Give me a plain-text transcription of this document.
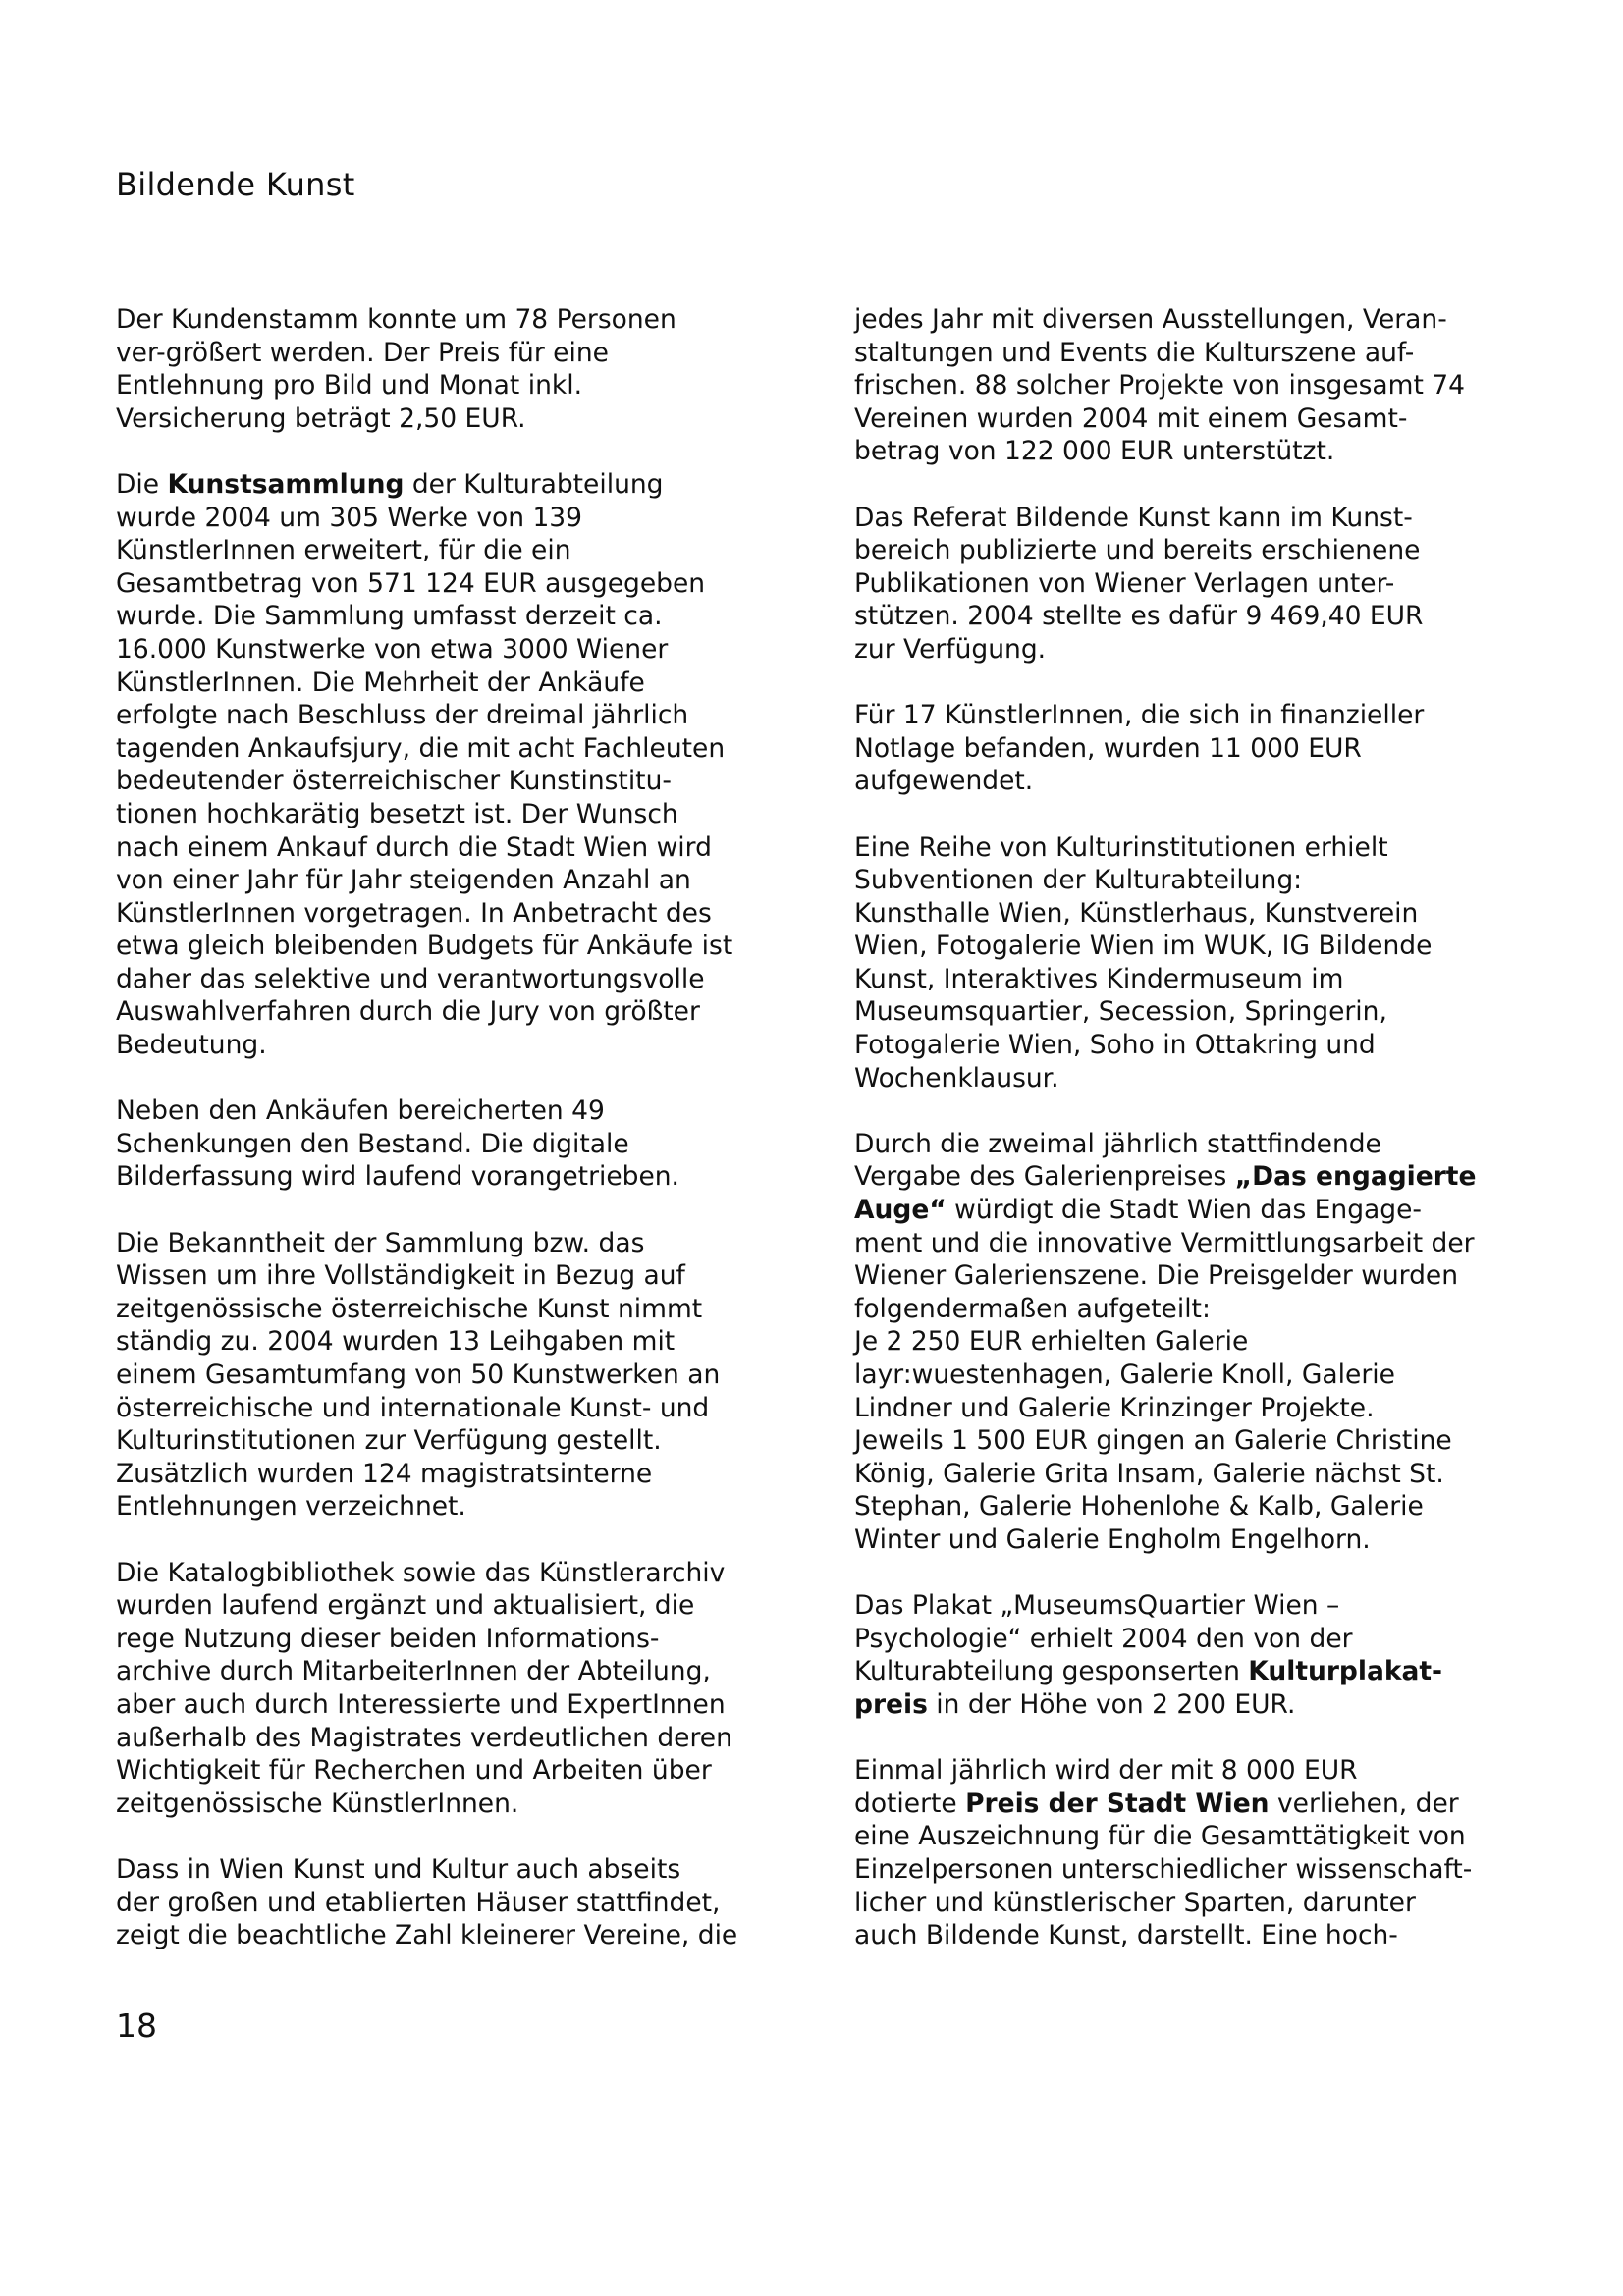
Bildende Kunst
Der Kundenstamm konnte um 78 Personen
ver-größert werden. Der Preis für eine
Entlehnung pro Bild und Monat inkl.
Versicherung beträgt 2,50 EUR.
Die Kunstsammlung der Kulturabteilung
wurde 2004 um 305 Werke von 139
KünstlerInnen erweitert, für die ein
Gesamtbetrag von 571 124 EUR ausgegeben
wurde. Die Sammlung umfasst derzeit ca.
16.000 Kunstwerke von etwa 3000 Wiener
KünstlerInnen. Die Mehrheit der Ankäufe
erfolgte nach Beschluss der dreimal jährlich
tagenden Ankaufsjury, die mit acht Fachleuten
bedeutender österreichischer Kunstinstitu-
tionen hochkarätig besetzt ist. Der Wunsch
nach einem Ankauf durch die Stadt Wien wird
von einer Jahr für Jahr steigenden Anzahl an
KünstlerInnen vorgetragen. In Anbetracht des
etwa gleich bleibenden Budgets für Ankäufe ist
daher das selektive und verantwortungsvolle
Auswahlverfahren durch die Jury von größter
Bedeutung.
Neben den Ankäufen bereicherten 49
Schenkungen den Bestand. Die digitale
Bilderfassung wird laufend vorangetrieben.
Die Bekanntheit der Sammlung bzw. das
Wissen um ihre Vollständigkeit in Bezug auf
zeitgenössische österreichische Kunst nimmt
ständig zu. 2004 wurden 13 Leihgaben mit
einem Gesamtumfang von 50 Kunstwerken an
österreichische und internationale Kunst- und
Kulturinstitutionen zur Verfügung gestellt.
Zusätzlich wurden 124 magistratsinterne
Entlehnungen verzeichnet.
Die Katalogbibliothek sowie das Künstlerarchiv
wurden laufend ergänzt und aktualisiert, die
rege Nutzung dieser beiden Informations-
archive durch MitarbeiterInnen der Abteilung,
aber auch durch Interessierte und ExpertInnen
außerhalb des Magistrates verdeutlichen deren
Wichtigkeit für Recherchen und Arbeiten über
zeitgenössische KünstlerInnen.
Dass in Wien Kunst und Kultur auch abseits
der großen und etablierten Häuser stattfindet,
zeigt die beachtliche Zahl kleinerer Vereine, die
jedes Jahr mit diversen Ausstellungen, Veran-
staltungen und Events die Kulturszene auf-
frischen. 88 solcher Projekte von insgesamt 74
Vereinen wurden 2004 mit einem Gesamt-
betrag von 122 000 EUR unterstützt.
Das Referat Bildende Kunst kann im Kunst-
bereich publizierte und bereits erschienene
Publikationen von Wiener Verlagen unter-
stützen. 2004 stellte es dafür 9 469,40 EUR
zur Verfügung.
Für 17 KünstlerInnen, die sich in finanzieller
Notlage befanden, wurden 11 000 EUR
aufgewendet.
Eine Reihe von Kulturinstitutionen erhielt
Subventionen der Kulturabteilung:
Kunsthalle Wien, Künstlerhaus, Kunstverein
Wien, Fotogalerie Wien im WUK, IG Bildende
Kunst, Interaktives Kindermuseum im
Museumsquartier, Secession, Springerin,
Fotogalerie Wien, Soho in Ottakring und
Wochenklausur.
Durch die zweimal jährlich stattfindende
Vergabe des Galerienpreises „Das engagierte
Auge“ würdigt die Stadt Wien das Engage-
ment und die innovative Vermittlungsarbeit der
Wiener Galerienszene. Die Preisgelder wurden
folgendermaßen aufgeteilt:
Je 2 250 EUR erhielten Galerie
layr:wuestenhagen, Galerie Knoll, Galerie
Lindner und Galerie Krinzinger Projekte.
Jeweils 1 500 EUR gingen an Galerie Christine
König, Galerie Grita Insam, Galerie nächst St.
Stephan, Galerie Hohenlohe & Kalb, Galerie
Winter und Galerie Engholm Engelhorn.
Das Plakat „MuseumsQuartier Wien –
Psychologie“ erhielt 2004 den von der
Kulturabteilung gesponserten Kulturplakat-
preis in der Höhe von 2 200 EUR.
Einmal jährlich wird der mit 8 000 EUR
dotierte Preis der Stadt Wien verliehen, der
eine Auszeichnung für die Gesamttätigkeit von
Einzelpersonen unterschiedlicher wissenschaft-
licher und künstlerischer Sparten, darunter
auch Bildende Kunst, darstellt. Eine hoch-
18
